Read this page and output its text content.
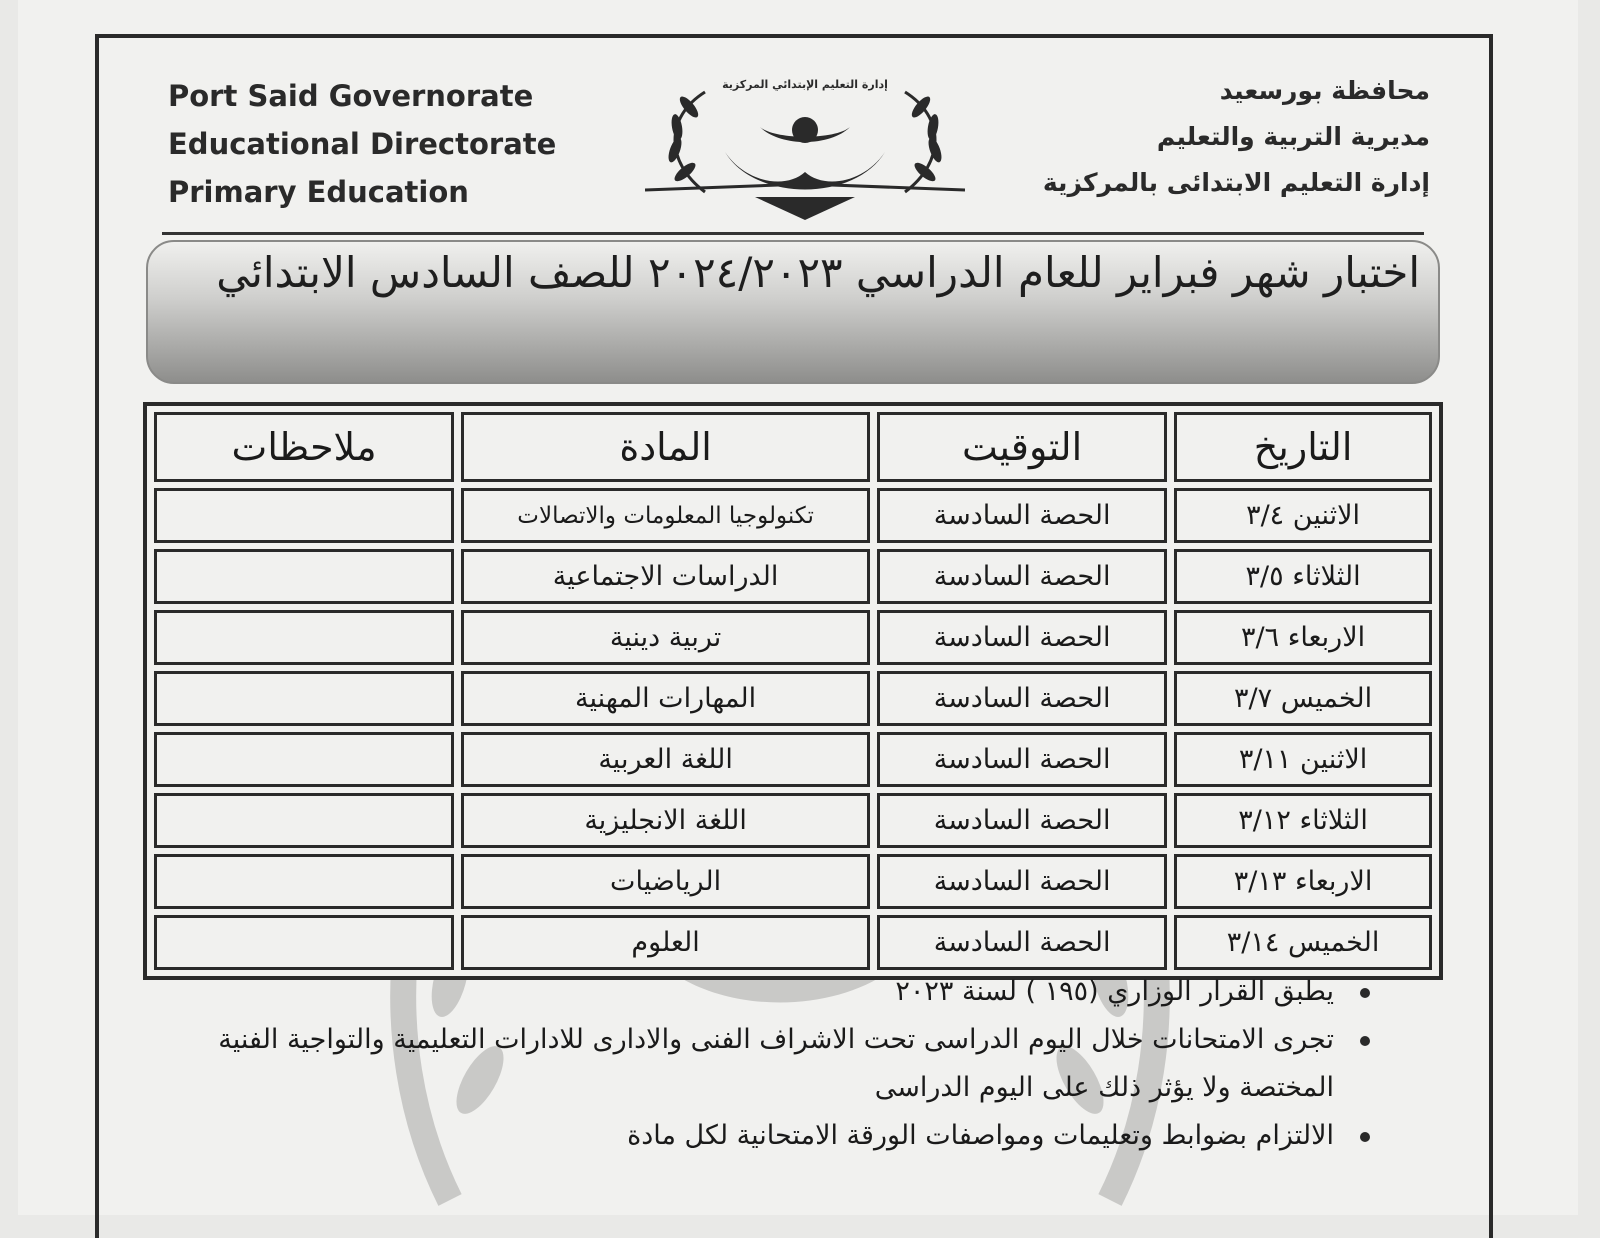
Port Said Governorate
Educational Directorate
Primary Education
إدارة التعليم الإبتدائي المركزية	محافظة بورسعيد
مديرية التربية والتعليم
إدارة التعليم الابتدائى بالمركزية
اختبار شهر فبراير للعام الدراسي ٢٠٢٤/٢٠٢٣ للصف السادس الابتدائي
ملاحظات	المادة	التوقيت	التاريخ
	تكنولوجيا المعلومات والاتصالات	الحصة السادسة	الاثنين ٣/٤
	الدراسات الاجتماعية	الحصة السادسة	الثلاثاء ٣/٥
	تربية دينية	الحصة السادسة	الاربعاء ٣/٦
	المهارات المهنية	الحصة السادسة	الخميس ٣/٧
	اللغة العربية	الحصة السادسة	الاثنين ٣/١١
	اللغة الانجليزية	الحصة السادسة	الثلاثاء ٣/١٢
	الرياضيات	الحصة السادسة	الاربعاء ٣/١٣
	العلوم	الحصة السادسة	الخميس ٣/١٤
يطبق القرار الوزاري (١٩٥ ) لسنة ٢٠٢٣
تجرى الامتحانات خلال اليوم الدراسى تحت الاشراف الفنى والادارى للادارات التعليمية والتواجية الفنية المختصة ولا يؤثر ذلك على اليوم الدراسى
الالتزام بضوابط وتعليمات ومواصفات الورقة الامتحانية لكل مادة
